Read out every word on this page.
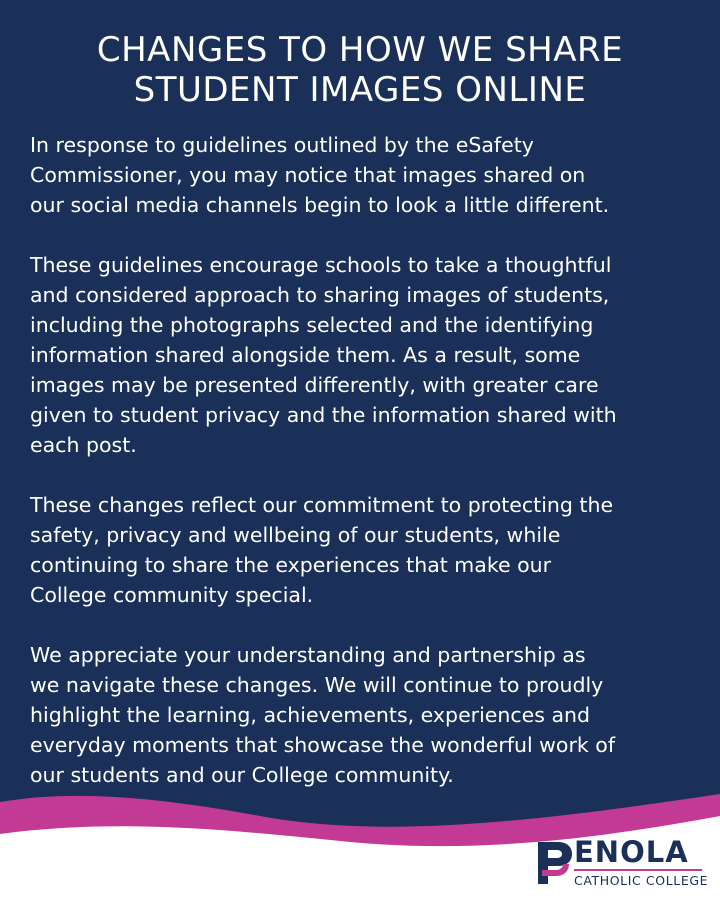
CHANGES TO HOW WE SHARE
STUDENT IMAGES ONLINE

In response to guidelines outlined by the eSafety
Commissioner, you may notice that images shared on
our social media channels begin to look a little different.

These guidelines encourage schools to take a thoughtful
and considered approach to sharing images of students,
including the photographs selected and the identifying
information shared alongside them. As a result, some
images may be presented differently, with greater care
given to student privacy and the information shared with
each post.

These changes reflect our commitment to protecting the
safety, privacy and wellbeing of our students, while
continuing to share the experiences that make our
College community special.

We appreciate your understanding and partnership as
we navigate these changes. We will continue to proudly
highlight the learning, achievements, experiences and
everyday moments that showcase the wonderful work of
our students and our College community.

ENOLA
CATHOLIC COLLEGE
